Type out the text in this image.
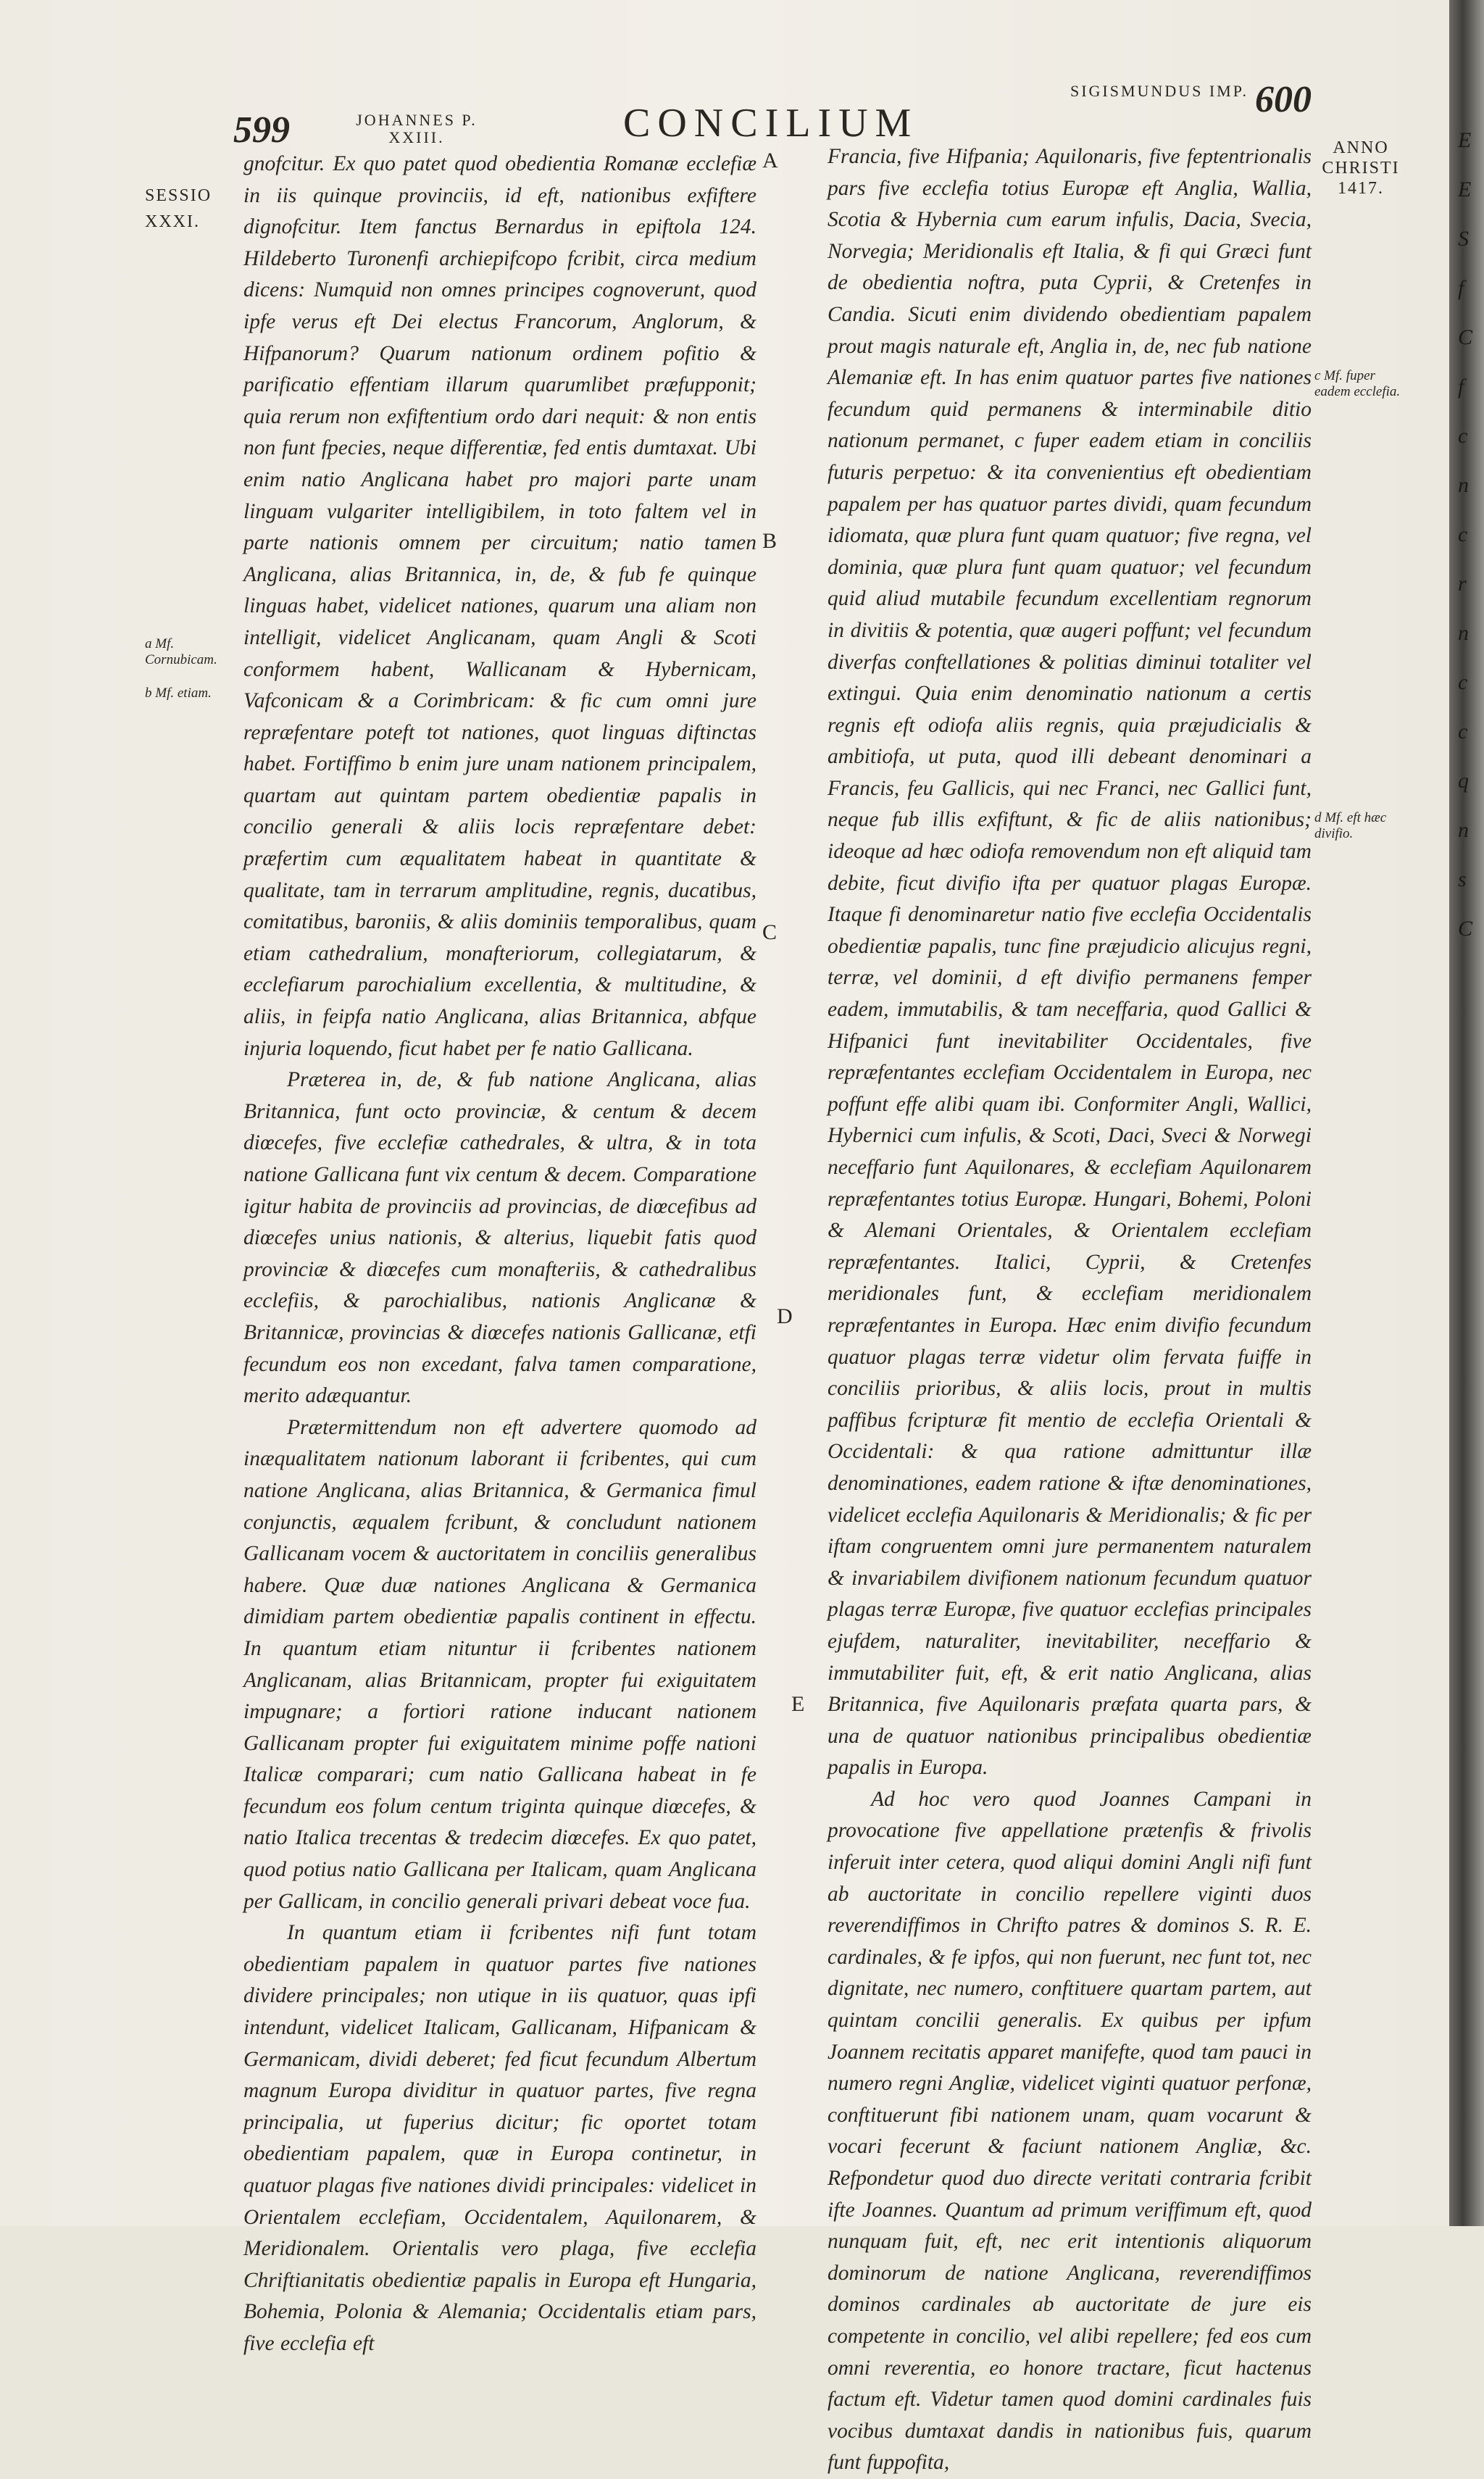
E
E
S
f
C
f
c
n
c
r
n
c
c
q
n
s
C
599	JOHANNES P. XXIII.	CONCILIUM
SIGISMUNDUS IMP. 600
SESSIO XXXI.
ANNO CHRISTI 1417.
a Mf. Cornubicam.
b Mf. etiam.
c Mf. fuper eadem ecclefia.
d Mf. eft hæc divifio.
A
B
C
D
E

gnofcitur. Ex quo patet quod obedientia Romanæ ecclefiæ in iis quinque provinciis, id eft, nationibus exfiftere dignofcitur. Item fanctus Bernardus in epiftola 124. Hildeberto Turonenfi archiepifcopo fcribit, circa medium dicens: Numquid non omnes principes cognoverunt, quod ipfe verus eft Dei electus Francorum, Anglorum, & Hifpanorum? Quarum nationum ordinem pofitio & parificatio effentiam illarum quarumlibet præfupponit; quia rerum non exfiftentium ordo dari nequit: & non entis non funt fpecies, neque differentiæ, fed entis dumtaxat. Ubi enim natio Anglicana habet pro majori parte unam linguam vulgariter intelligibilem, in toto faltem vel in parte nationis omnem per circuitum; natio tamen Anglicana, alias Britannica, in, de, & fub fe quinque linguas habet, videlicet nationes, quarum una aliam non intelligit, videlicet Anglicanam, quam Angli & Scoti conformem habent, Wallicanam & Hybernicam, Vafconicam & a Corimbricam: & fic cum omni jure repræfentare poteft tot nationes, quot linguas diftinctas habet. Fortiffimo b enim jure unam nationem principalem, quartam aut quintam partem obedientiæ papalis in concilio generali & aliis locis repræfentare debet: præfertim cum æqualitatem habeat in quantitate & qualitate, tam in terrarum amplitudine, regnis, ducatibus, comitatibus, baroniis, & aliis dominiis temporalibus, quam etiam cathedralium, monafteriorum, collegiatarum, & ecclefiarum parochialium excellentia, & multitudine, & aliis, in feipfa natio Anglicana, alias Britannica, abfque injuria loquendo, ficut habet per fe natio Gallicana.

Præterea in, de, & fub natione Anglicana, alias Britannica, funt octo provinciæ, & centum & decem diœcefes, five ecclefiæ cathedrales, & ultra, & in tota natione Gallicana funt vix centum & decem. Comparatione igitur habita de provinciis ad provincias, de diœcefibus ad diœcefes unius nationis, & alterius, liquebit fatis quod provinciæ & diœcefes cum monafteriis, & cathedralibus ecclefiis, & parochialibus, nationis Anglicanæ & Britannicæ, provincias & diœcefes nationis Gallicanæ, etfi fecundum eos non excedant, falva tamen comparatione, merito adæquantur.

Prætermittendum non eft advertere quomodo ad inæqualitatem nationum laborant ii fcribentes, qui cum natione Anglicana, alias Britannica, & Germanica fimul conjunctis, æqualem fcribunt, & concludunt nationem Gallicanam vocem & auctoritatem in conciliis generalibus habere. Quæ duæ nationes Anglicana & Germanica dimidiam partem obedientiæ papalis continent in effectu. In quantum etiam nituntur ii fcribentes nationem Anglicanam, alias Britannicam, propter fui exiguitatem impugnare; a fortiori ratione inducant nationem Gallicanam propter fui exiguitatem minime poffe nationi Italicæ comparari; cum natio Gallicana habeat in fe fecundum eos folum centum triginta quinque diœcefes, & natio Italica trecentas & tredecim diœcefes. Ex quo patet, quod potius natio Gallicana per Italicam, quam Anglicana per Gallicam, in concilio generali privari debeat voce fua.

In quantum etiam ii fcribentes nifi funt totam obedientiam papalem in quatuor partes five nationes dividere principales; non utique in iis quatuor, quas ipfi intendunt, videlicet Italicam, Gallicanam, Hifpanicam & Germanicam, dividi deberet; fed ficut fecundum Albertum magnum Europa dividitur in quatuor partes, five regna principalia, ut fuperius dicitur; fic oportet totam obedientiam papalem, quæ in Europa continetur, in quatuor plagas five nationes dividi principales: videlicet in Orientalem ecclefiam, Occidentalem, Aquilonarem, & Meridionalem. Orientalis vero plaga, five ecclefia Chriftianitatis obedientiæ papalis in Europa eft Hungaria, Bohemia, Polonia & Alemania; Occidentalis etiam pars, five ecclefia eft

Francia, five Hifpania; Aquilonaris, five feptentrionalis pars five ecclefia totius Europæ eft Anglia, Wallia, Scotia & Hybernia cum earum infulis, Dacia, Svecia, Norvegia; Meridionalis eft Italia, & fi qui Græci funt de obedientia noftra, puta Cyprii, & Cretenfes in Candia. Sicuti enim dividendo obedientiam papalem prout magis naturale eft, Anglia in, de, nec fub natione Alemaniæ eft. In has enim quatuor partes five nationes fecundum quid permanens & interminabile ditio nationum permanet, c fuper eadem etiam in conciliis futuris perpetuo: & ita convenientius eft obedientiam papalem per has quatuor partes dividi, quam fecundum idiomata, quæ plura funt quam quatuor; five regna, vel dominia, quæ plura funt quam quatuor; vel fecundum quid aliud mutabile fecundum excellentiam regnorum in divitiis & potentia, quæ augeri poffunt; vel fecundum diverfas conftellationes & politias diminui totaliter vel extingui. Quia enim denominatio nationum a certis regnis eft odiofa aliis regnis, quia præjudicialis & ambitiofa, ut puta, quod illi debeant denominari a Francis, feu Gallicis, qui nec Franci, nec Gallici funt, neque fub illis exfiftunt, & fic de aliis nationibus; ideoque ad hæc odiofa removendum non eft aliquid tam debite, ficut divifio ifta per quatuor plagas Europæ. Itaque fi denominaretur natio five ecclefia Occidentalis obedientiæ papalis, tunc fine præjudicio alicujus regni, terræ, vel dominii, d eft divifio permanens femper eadem, immutabilis, & tam neceffaria, quod Gallici & Hifpanici funt inevitabiliter Occidentales, five repræfentantes ecclefiam Occidentalem in Europa, nec poffunt effe alibi quam ibi. Conformiter Angli, Wallici, Hybernici cum infulis, & Scoti, Daci, Sveci & Norwegi neceffario funt Aquilonares, & ecclefiam Aquilonarem repræfentantes totius Europæ. Hungari, Bohemi, Poloni & Alemani Orientales, & Orientalem ecclefiam repræfentantes. Italici, Cyprii, & Cretenfes meridionales funt, & ecclefiam meridionalem repræfentantes in Europa. Hæc enim divifio fecundum quatuor plagas terræ videtur olim fervata fuiffe in conciliis prioribus, & aliis locis, prout in multis paffibus fcripturæ fit mentio de ecclefia Orientali & Occidentali: & qua ratione admittuntur illæ denominationes, eadem ratione & iftæ denominationes, videlicet ecclefia Aquilonaris & Meridionalis; & fic per iftam congruentem omni jure permanentem naturalem & invariabilem divifionem nationum fecundum quatuor plagas terræ Europæ, five quatuor ecclefias principales ejufdem, naturaliter, inevitabiliter, neceffario & immutabiliter fuit, eft, & erit natio Anglicana, alias Britannica, five Aquilonaris præfata quarta pars, & una de quatuor nationibus principalibus obedientiæ papalis in Europa.

Ad hoc vero quod Joannes Campani in provocatione five appellatione prætenfis & frivolis inferuit inter cetera, quod aliqui domini Angli nifi funt ab auctoritate in concilio repellere viginti duos reverendiffimos in Chrifto patres & dominos S. R. E. cardinales, & fe ipfos, qui non fuerunt, nec funt tot, nec dignitate, nec numero, conftituere quartam partem, aut quintam concilii generalis. Ex quibus per ipfum Joannem recitatis apparet manifefte, quod tam pauci in numero regni Angliæ, videlicet viginti quatuor perfonæ, conftituerunt fibi nationem unam, quam vocarunt & vocari fecerunt & faciunt nationem Angliæ, &c. Refpondetur quod duo directe veritati contraria fcribit ifte Joannes. Quantum ad primum veriffimum eft, quod nunquam fuit, eft, nec erit intentionis aliquorum dominorum de natione Anglicana, reverendiffimos dominos cardinales ab auctoritate de jure eis competente in concilio, vel alibi repellere; fed eos cum omni reverentia, eo honore tractare, ficut hactenus factum eft. Videtur tamen quod domini cardinales fuis vocibus dumtaxat dandis in nationibus fuis, quarum funt fuppofita,
